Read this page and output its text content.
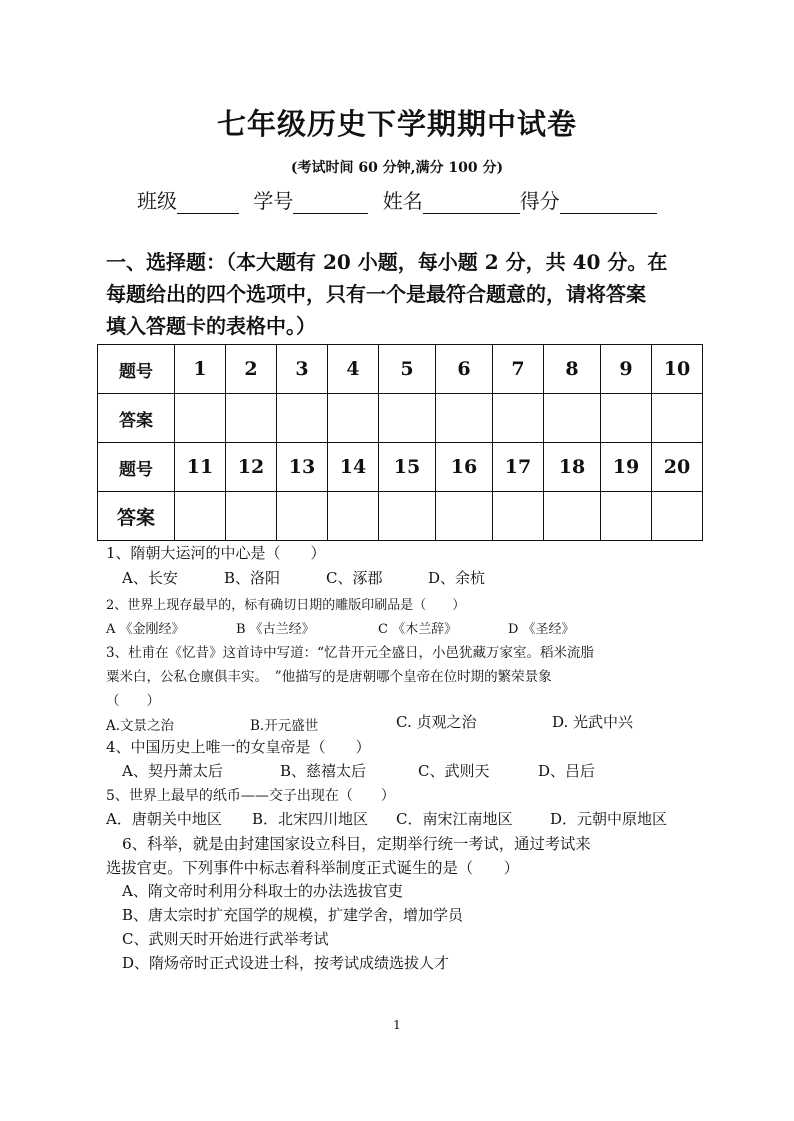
七年级历史下学期期中试卷
(考试时间 60 分钟,满分 100 分)
班级	学号	姓名	得分
一、选择题：（本大题有 20 小题，每小题 2 分，共 40 分。在
每题给出的四个选项中，只有一个是最符合题意的，请将答案
填入答题卡的表格中。）
题号	1	2	3	4	5	6	7	8	9	10
答案										
题号	11	12	13	14	15	16	17	18	19	20
答案										
1、隋朝大运河的中心是（　　）
A、长安	B、洛阳	C、涿郡	D、余杭
2、世界上现存最早的，标有确切日期的雕版印刷品是（　　）
A 《金刚经》	B 《古兰经》	C 《木兰辞》	D 《圣经》
3、杜甫在《忆昔》这首诗中写道：“忆昔开元全盛日，小邑犹藏万家室。稻米流脂
粟米白，公私仓廪俱丰实。　”他描写的是唐朝哪个皇帝在位时期的繁荣景象
（　　）
A.文景之治	B.开元盛世	C. 贞观之治	D. 光武中兴
4、中国历史上唯一的女皇帝是（　　）
A、契丹萧太后	B、慈禧太后	C、武则天	D、吕后
5、世界上最早的纸币——交子出现在（　　）
A．唐朝关中地区 B．北宋四川地区 C．南宋江南地区	D．元朝中原地区
6、科举，就是由封建国家设立科目，定期举行统一考试，通过考试来
选拔官吏。下列事件中标志着科举制度正式诞生的是（　　）
A、隋文帝时利用分科取士的办法选拔官吏
B、唐太宗时扩充国学的规模，扩建学舍，增加学员
C、武则天时开始进行武举考试
D、隋炀帝时正式设进士科，按考试成绩选拔人才
1
